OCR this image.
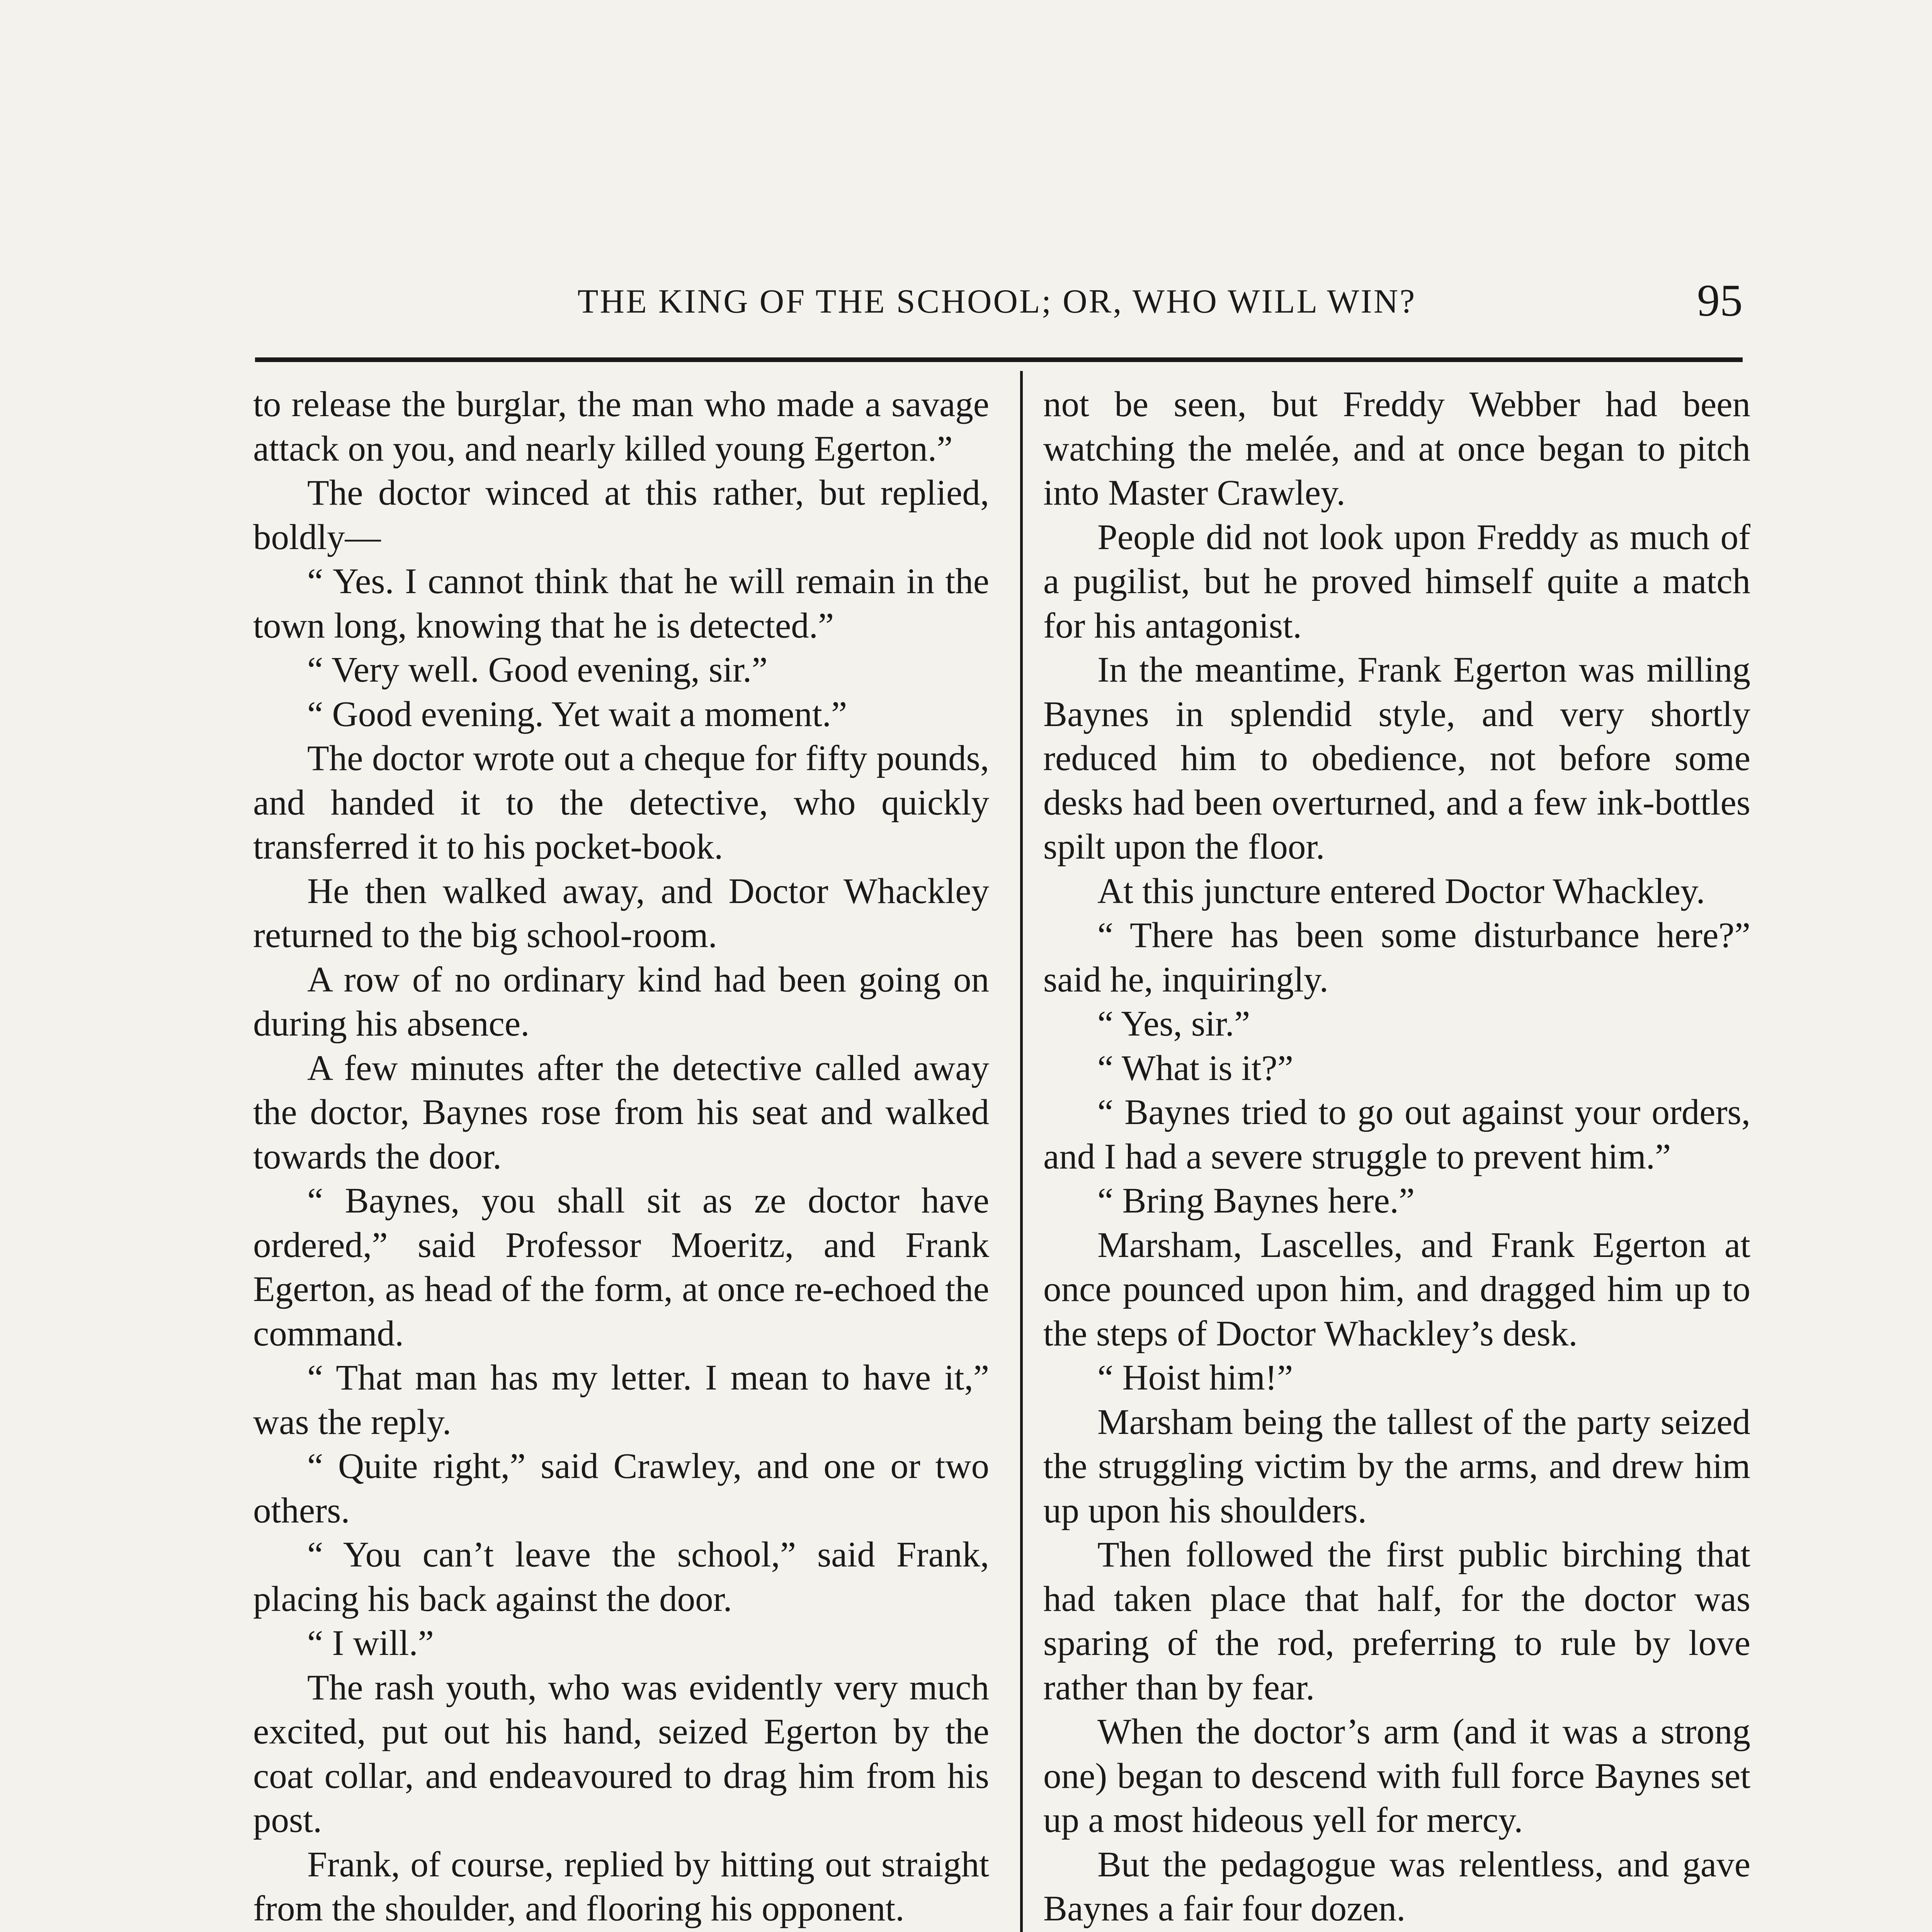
THE KING OF THE SCHOOL; OR, WHO WILL WIN?	95

to release the burglar, the man who made a savage attack on you, and nearly killed young Egerton.”

The doctor winced at this rather, but replied, boldly—

“ Yes. I cannot think that he will remain in the town long, knowing that he is detected.”

“ Very well. Good evening, sir.”

“ Good evening. Yet wait a moment.”

The doctor wrote out a cheque for fifty pounds, and handed it to the detective, who quickly transferred it to his pocket-book.

He then walked away, and Doctor Whackley returned to the big school-room.

A row of no ordinary kind had been going on during his absence.

A few minutes after the detective called away the doctor, Baynes rose from his seat and walked towards the door.

“ Baynes, you shall sit as ze doctor have ordered,” said Professor Moeritz, and Frank Egerton, as head of the form, at once re-echoed the command.

“ That man has my letter. I mean to have it,” was the reply.

“ Quite right,” said Crawley, and one or two others.

“ You can’t leave the school,” said Frank, placing his back against the door.

“ I will.”

The rash youth, who was evidently very much excited, put out his hand, seized Egerton by the coat collar, and endeavoured to drag him from his post.

Frank, of course, replied by hitting out straight from the shoulder, and flooring his opponent.

not be seen, but Freddy Webber had been watching the melée, and at once began to pitch into Master Crawley.

People did not look upon Freddy as much of a pugilist, but he proved himself quite a match for his antagonist.

In the meantime, Frank Egerton was milling Baynes in splendid style, and very shortly reduced him to obedience, not before some desks had been overturned, and a few ink-bottles spilt upon the floor.

At this juncture entered Doctor Whackley.

“ There has been some disturbance here?” said he, inquiringly.

“ Yes, sir.”

“ What is it?”

“ Baynes tried to go out against your orders, and I had a severe struggle to prevent him.”

“ Bring Baynes here.”

Marsham, Lascelles, and Frank Egerton at once pounced upon him, and dragged him up to the steps of Doctor Whackley’s desk.

“ Hoist him!”

Marsham being the tallest of the party seized the struggling victim by the arms, and drew him up upon his shoulders.

Then followed the first public birching that had taken place that half, for the doctor was sparing of the rod, preferring to rule by love rather than by fear.

When the doctor’s arm (and it was a strong one) began to descend with full force Baynes set up a most hideous yell for mercy.

But the pedagogue was relentless, and gave Baynes a fair four dozen.
